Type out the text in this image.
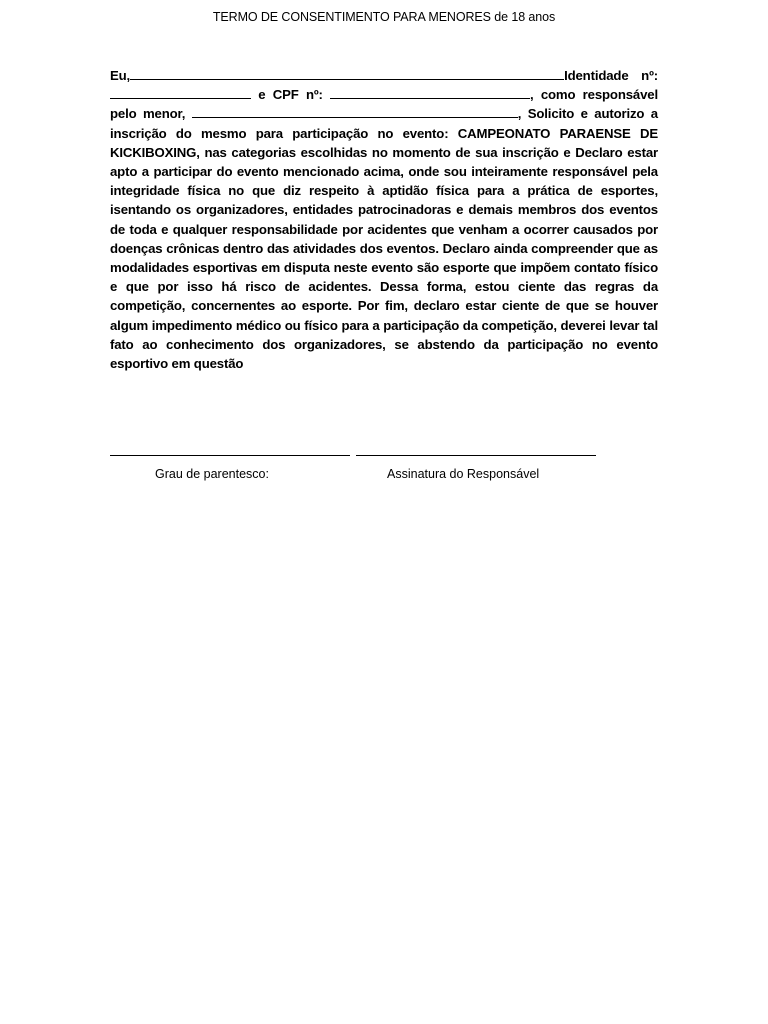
TERMO DE CONSENTIMENTO PARA MENORES de 18 anos
Eu,	Identidade nº:  e CPF nº:	, como responsável pelo menor,	, Solicito e autorizo a inscrição do mesmo para participação no evento: CAMPEONATO PARAENSE DE KICKIBOXING, nas categorias escolhidas no momento de sua inscrição e Declaro estar apto a participar do evento mencionado acima, onde sou inteiramente responsável pela integridade física no que diz respeito à aptidão física para a prática de esportes, isentando os organizadores, entidades patrocinadoras e demais membros dos eventos de toda e qualquer responsabilidade por acidentes que venham a ocorrer causados por doenças crônicas dentro das atividades dos eventos. Declaro ainda compreender que as modalidades esportivas em disputa neste evento são esporte que impõem contato físico e que por isso há risco de acidentes. Dessa forma, estou ciente das regras da competição, concernentes ao esporte. Por fim, declaro estar ciente de que se houver algum impedimento médico ou físico para a participação da competição, deverei levar tal fato ao conhecimento dos organizadores, se abstendo da participação no evento esportivo em questão
Grau de parentesco:	Assinatura do Responsável
